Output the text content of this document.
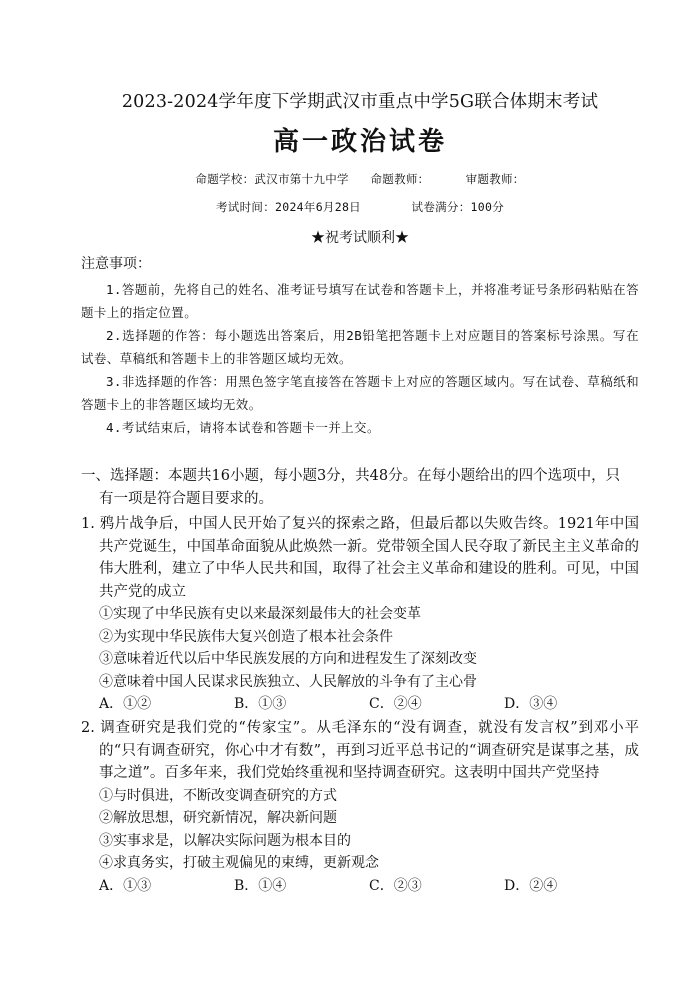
2023-2024学年度下学期武汉市重点中学5G联合体期末考试
高一政治试卷
命题学校：武汉市第十九中学   命题教师：     审题教师：
考试时间：2024年6月28日       试卷满分：100分
★祝考试顺利★
注意事项：

1.答题前，先将自己的姓名、准考证号填写在试卷和答题卡上，并将准考证号条形码粘贴在答题卡上的指定位置。

2.选择题的作答：每小题选出答案后，用2B铅笔把答题卡上对应题目的答案标号涂黑。写在试卷、草稿纸和答题卡上的非答题区域均无效。

3.非选择题的作答：用黑色签字笔直接答在答题卡上对应的答题区域内。写在试卷、草稿纸和答题卡上的非答题区域均无效。

4.考试结束后，请将本试卷和答题卡一并上交。

一、选择题：本题共16小题，每小题3分，共48分。在每小题给出的四个选项中，只
有一项是符合题目要求的。

1. 鸦片战争后，中国人民开始了复兴的探索之路，但最后都以失败告终。1921年中国共产党诞生，中国革命面貌从此焕然一新。党带领全国人民夺取了新民主主义革命的伟大胜利，建立了中华人民共和国，取得了社会主义革命和建设的胜利。可见，中国共产党的成立

①实现了中华民族有史以来最深刻最伟大的社会变革

②为实现中华民族伟大复兴创造了根本社会条件

③意味着近代以后中华民族发展的方向和进程发生了深刻改变

④意味着中国人民谋求民族独立、人民解放的斗争有了主心骨

A．①②	B．①③	C．②④	D．③④

2. 调查研究是我们党的“传家宝”。从毛泽东的“没有调查，就没有发言权”到邓小平的“只有调查研究，你心中才有数”，再到习近平总书记的“调查研究是谋事之基，成事之道”。百多年来，我们党始终重视和坚持调查研究。这表明中国共产党坚持

①与时俱进，不断改变调查研究的方式

②解放思想，研究新情况，解决新问题

③实事求是，以解决实际问题为根本目的

④求真务实，打破主观偏见的束缚，更新观念

A．①③	B．①④	C．②③	D．②④
